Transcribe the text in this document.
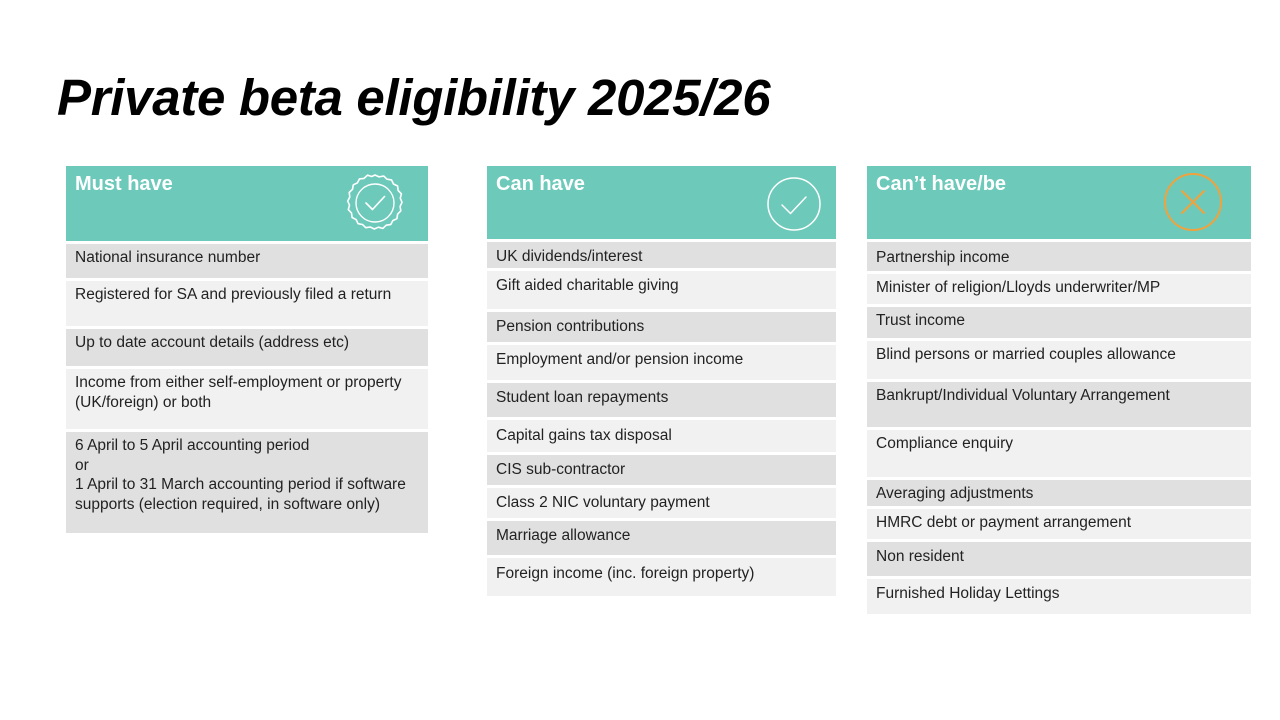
Private beta eligibility 2025/26
Must have
National insurance number
Registered for SA and previously filed a return
Up to date account details (address etc)
Income from either self-employment or property
(UK/foreign) or both
6 April to 5 April accounting period
or
1 April to 31 March accounting period if software
supports (election required, in software only)
Can have
UK dividends/interest
Gift aided charitable giving
Pension contributions
Employment and/or pension income
Student loan repayments
Capital gains tax disposal
CIS sub-contractor
Class 2 NIC voluntary payment
Marriage allowance
Foreign income (inc. foreign property)
Can’t have/be
Partnership income
Minister of religion/Lloyds underwriter/MP
Trust income
Blind persons or married couples allowance
Bankrupt/Individual Voluntary Arrangement
Compliance enquiry
Averaging adjustments
HMRC debt or payment arrangement
Non resident
Furnished Holiday Lettings
